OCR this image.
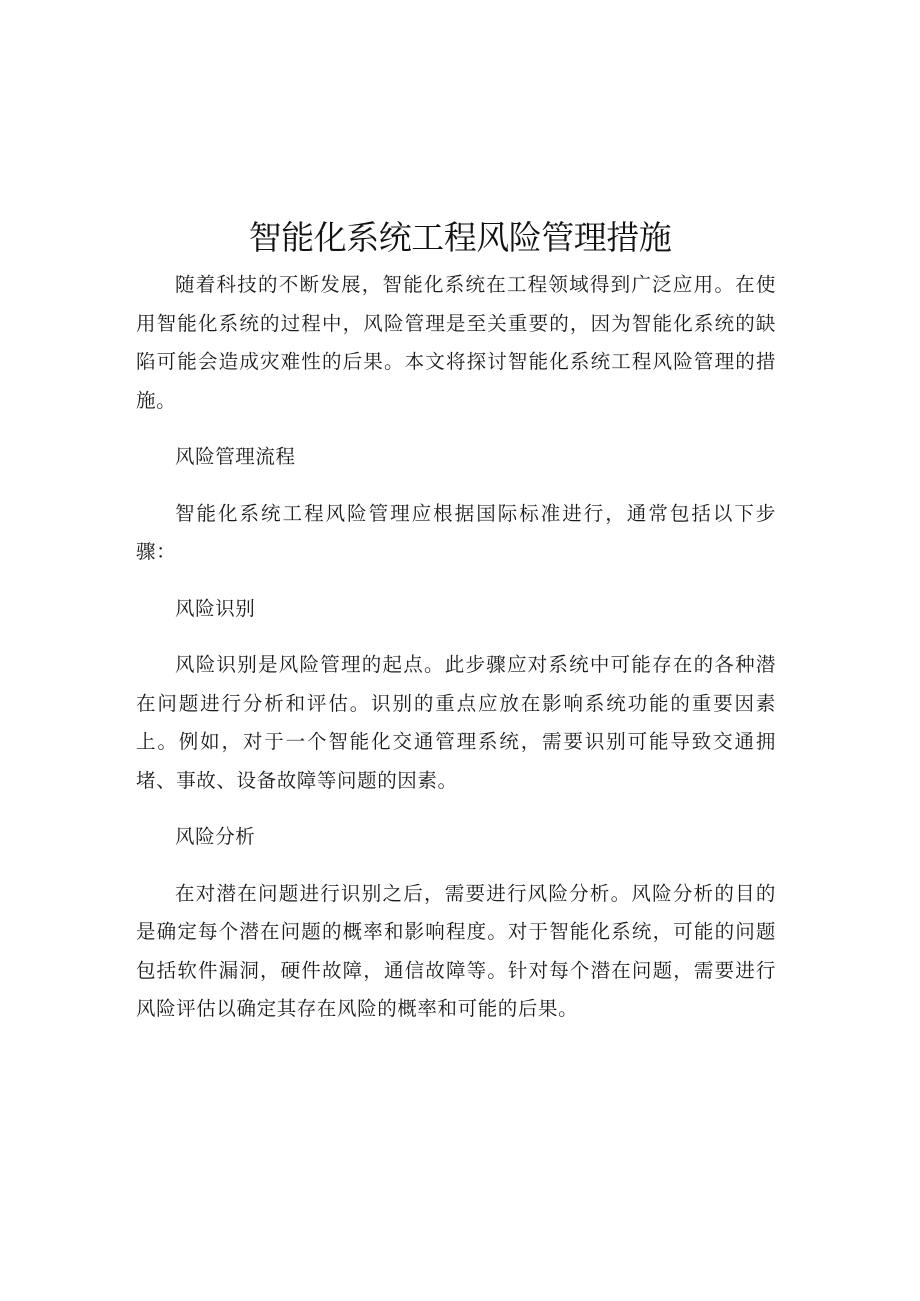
智能化系统工程风险管理措施

随着科技的不断发展，智能化系统在工程领域得到广泛应用。在使用智能化系统的过程中，风险管理是至关重要的，因为智能化系统的缺陷可能会造成灾难性的后果。本文将探讨智能化系统工程风险管理的措施。

风险管理流程

智能化系统工程风险管理应根据国际标准进行，通常包括以下步骤：

风险识别

风险识别是风险管理的起点。此步骤应对系统中可能存在的各种潜在问题进行分析和评估。识别的重点应放在影响系统功能的重要因素上。例如，对于一个智能化交通管理系统，需要识别可能导致交通拥堵、事故、设备故障等问题的因素。

风险分析

在对潜在问题进行识别之后，需要进行风险分析。风险分析的目的是确定每个潜在问题的概率和影响程度。对于智能化系统，可能的问题包括软件漏洞，硬件故障，通信故障等。针对每个潜在问题，需要进行风险评估以确定其存在风险的概率和可能的后果。
